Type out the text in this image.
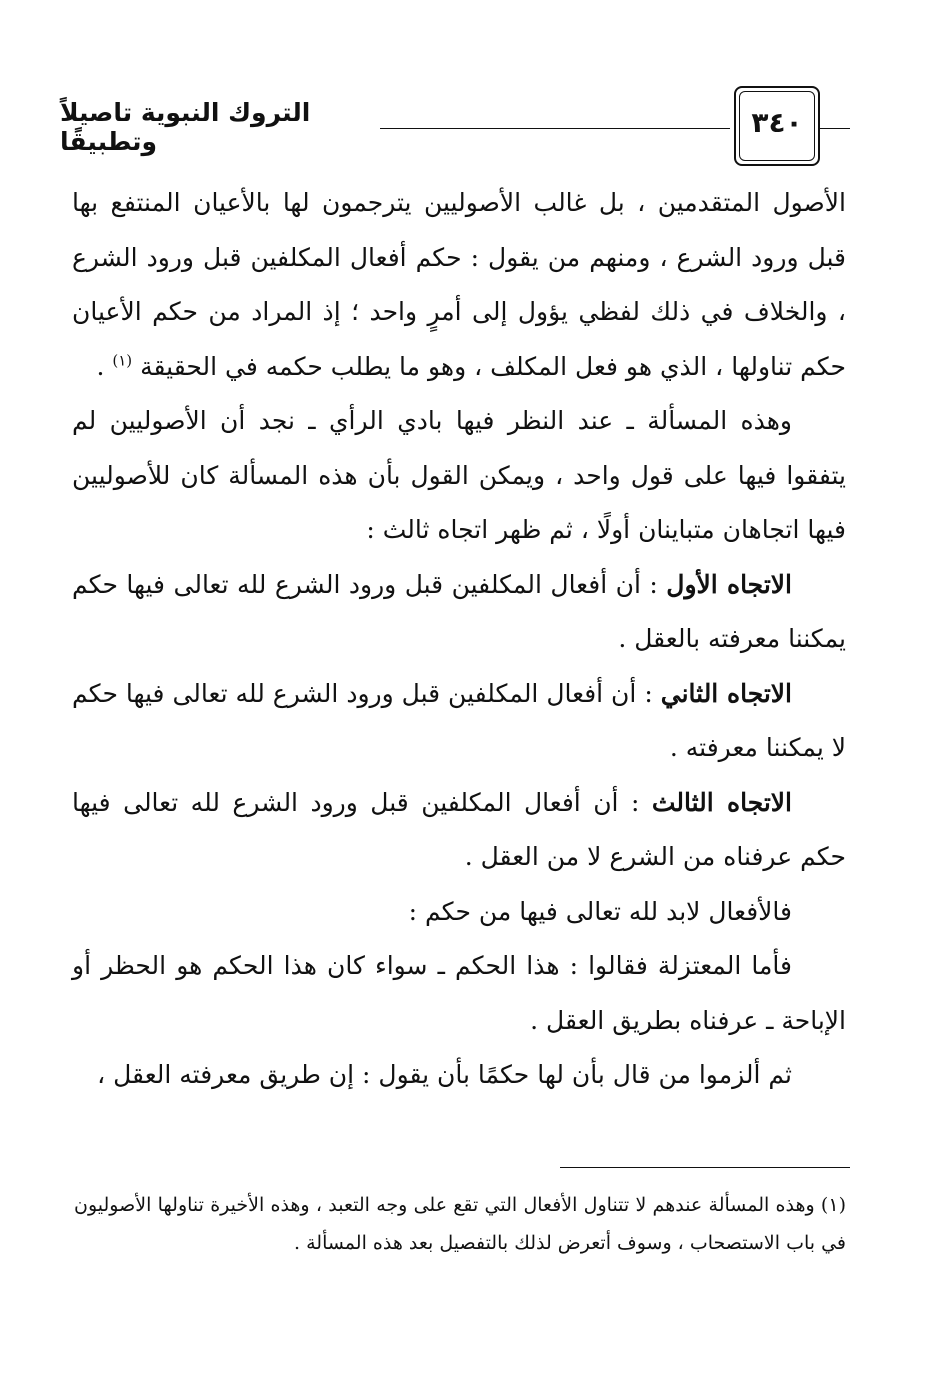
التروك النبوية تاصيلاً وتطبيقًا
٣٤٠

الأصول المتقدمين ، بل غالب الأصوليين يترجمون لها بالأعيان المنتفع بها قبل ورود الشرع ، ومنهم من يقول : حكم أفعال المكلفين قبل ورود الشرع ، والخلاف في ذلك لفظي يؤول إلى أمرٍ واحد ؛ إذ المراد من حكم الأعيان حكم تناولها ، الذي هو فعل المكلف ، وهو ما يطلب حكمه في الحقيقة $^{(١)}$ .

وهذه المسألة ـ عند النظر فيها بادي الرأي ـ نجد أن الأصوليين لم يتفقوا فيها على قول واحد ، ويمكن القول بأن هذه المسألة كان للأصوليين فيها اتجاهان متباينان أولًا ، ثم ظهر اتجاه ثالث :

الاتجاه الأول : أن أفعال المكلفين قبل ورود الشرع لله تعالى فيها حكم يمكننا معرفته بالعقل .

الاتجاه الثاني : أن أفعال المكلفين قبل ورود الشرع لله تعالى فيها حكم لا يمكننا معرفته .

الاتجاه الثالث : أن أفعال المكلفين قبل ورود الشرع لله تعالى فيها حكم عرفناه من الشرع لا من العقل .

فالأفعال لابد لله تعالى فيها من حكم :

فأما المعتزلة فقالوا : هذا الحكم ـ سواء كان هذا الحكم هو الحظر أو الإباحة ـ عرفناه بطريق العقل .

ثم ألزموا من قال بأن لها حكمًا بأن يقول : إن طريق معرفته العقل ،

(١) وهذه المسألة عندهم لا تتناول الأفعال التي تقع على وجه التعبد ، وهذه الأخيرة تناولها الأصوليون في باب الاستصحاب ، وسوف أتعرض لذلك بالتفصيل بعد هذه المسألة .
